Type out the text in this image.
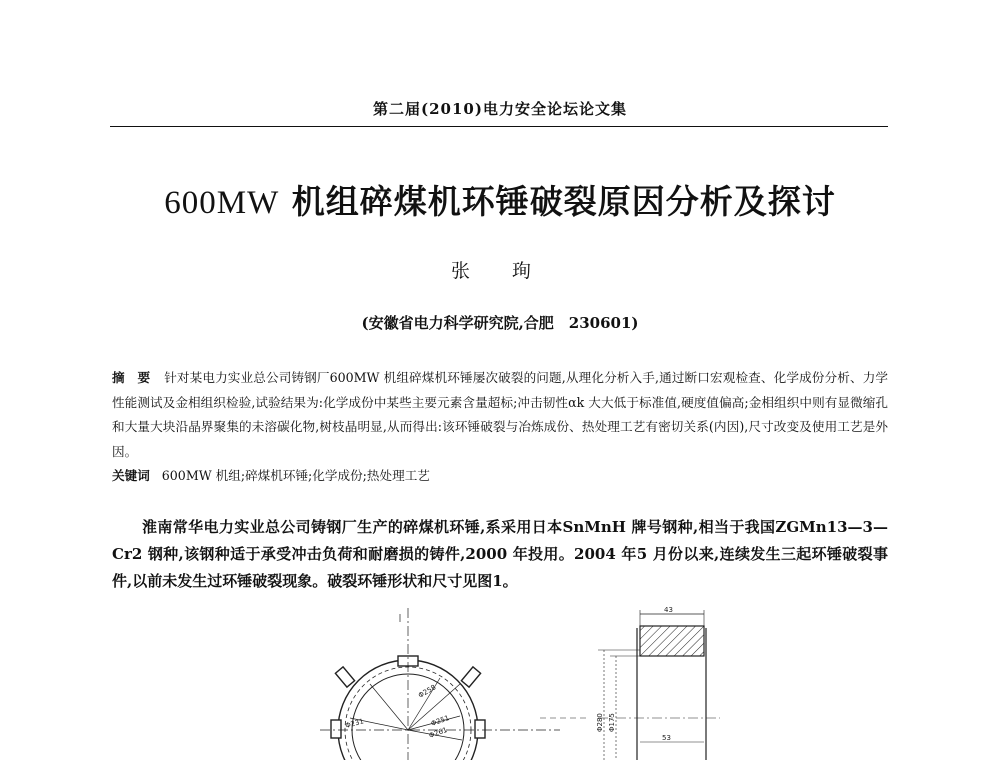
第二届(2010)电力安全论坛论文集
600MW 机组碎煤机环锤破裂原因分析及探讨
张 珣
(安徽省电力科学研究院,合肥　230601)
摘　要 针对某电力实业总公司铸钢厂600MW 机组碎煤机环锤屡次破裂的问题,从理化分析入手,通过断口宏观检查、化学成份分析、力学性能测试及金相组织检验,试验结果为:化学成份中某些主要元素含量超标;冲击韧性αk 大大低于标准值,硬度值偏高;金相组织中则有显微缩孔和大量大块沿晶界聚集的未溶碳化物,树枝晶明显,从而得出:该环锤破裂与冶炼成份、热处理工艺有密切关系(内因),尺寸改变及使用工艺是外因。
关键词 600MW 机组;碎煤机环锤;化学成份;热处理工艺
淮南常华电力实业总公司铸钢厂生产的碎煤机环锤,系采用日本SnMnH 牌号钢种,相当于我国ZGMn13—3—Cr2 钢种,该钢种适于承受冲击负荷和耐磨损的铸件,2000 年投用。2004 年5 月份以来,连续发生三起环锤破裂事件,以前未发生过环锤破裂现象。破裂环锤形状和尺寸见图1。
Φ258
Φ231	Φ251
Φ261
43
Φ280 Φ175
53
